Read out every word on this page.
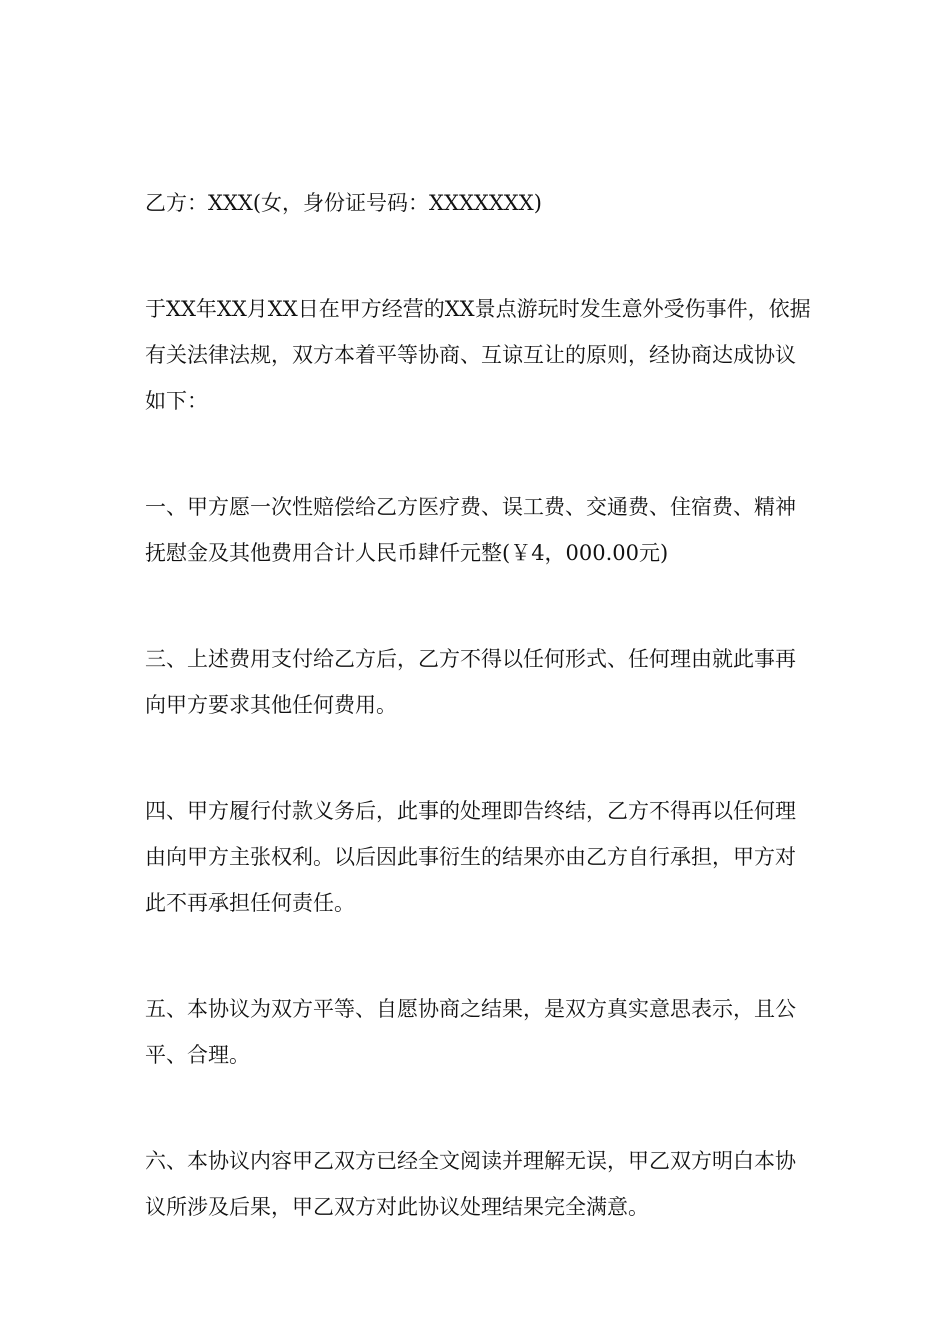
乙方：XXX(女，身份证号码：XXXXXXX)

于XX年XX月XX日在甲方经营的XX景点游玩时发生意外受伤事件，依据有关法律法规，双方本着平等协商、互谅互让的原则，经协商达成协议如下：

一、甲方愿一次性赔偿给乙方医疗费、误工费、交通费、住宿费、精神抚慰金及其他费用合计人民币肆仟元整(￥4，000.00元)

三、上述费用支付给乙方后，乙方不得以任何形式、任何理由就此事再向甲方要求其他任何费用。

四、甲方履行付款义务后，此事的处理即告终结，乙方不得再以任何理由向甲方主张权利。以后因此事衍生的结果亦由乙方自行承担，甲方对此不再承担任何责任。

五、本协议为双方平等、自愿协商之结果，是双方真实意思表示，且公平、合理。

六、本协议内容甲乙双方已经全文阅读并理解无误，甲乙双方明白本协议所涉及后果，甲乙双方对此协议处理结果完全满意。
